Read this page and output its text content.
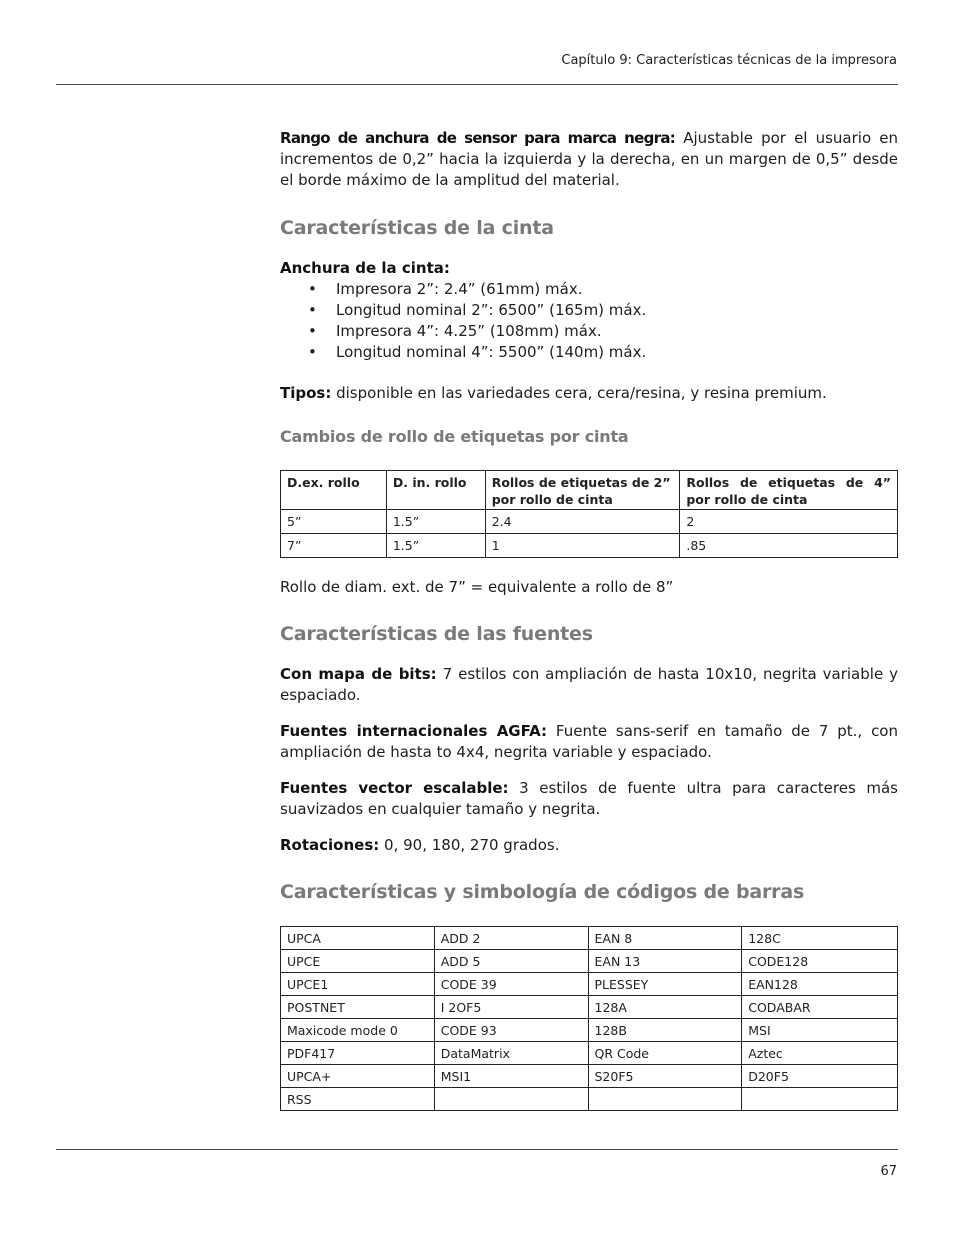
Capítulo 9: Características técnicas de la impresora

Rango de anchura de sensor para marca negra: Ajustable por el usuario en incrementos de 0,2” hacia la izquierda y la derecha, en un margen de 0,5” desde el borde máximo de la amplitud del material.

Características de la cinta

Anchura de la cinta:

• Impresora 2”: 2.4” (61mm) máx.
• Longitud nominal 2”: 6500” (165m) máx.
• Impresora 4”: 4.25” (108mm) máx.
• Longitud nominal 4”: 5500” (140m) máx.

Tipos: disponible en las variedades cera, cera/resina, y resina premium.

Cambios de rollo de etiquetas por cinta
D.ex. rollo	D. in. rollo	Rollos de etiquetas de 2” por rollo de cinta	Rollos de etiquetas de 4” por rollo de cinta
5”	1.5”	2.4	2
7”	1.5”	1	.85

Rollo de diam. ext. de 7” = equivalente a rollo de 8”

Características de las fuentes

Con mapa de bits: 7 estilos con ampliación de hasta 10x10, negrita variable y espaciado.

Fuentes internacionales AGFA: Fuente sans-serif en tamaño de 7 pt., con ampliación de hasta to 4x4, negrita variable y espaciado.

Fuentes vector escalable: 3 estilos de fuente ultra para caracteres más suavizados en cualquier tamaño y negrita.

Rotaciones: 0, 90, 180, 270 grados.

Características y simbología de códigos de barras
UPCA	ADD 2	EAN 8	128C
UPCE	ADD 5	EAN 13	CODE128
UPCE1	CODE 39	PLESSEY	EAN128
POSTNET	I 2OF5	128A	CODABAR
Maxicode mode 0	CODE 93	128B	MSI
PDF417	DataMatrix	QR Code	Aztec
UPCA+	MSI1	S20F5	D20F5
RSS			
67
